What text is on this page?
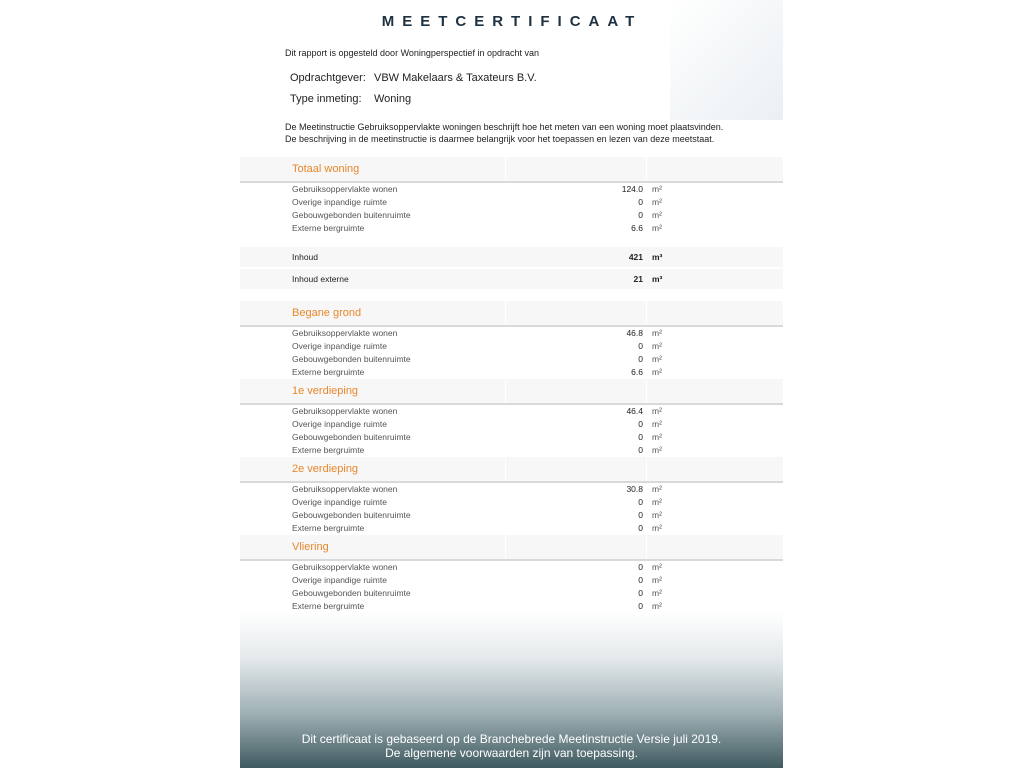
MEETCERTIFICAAT
Dit rapport is opgesteld door Woningperspectief in opdracht van
Opdrachtgever: VBW Makelaars & Taxateurs B.V.
Type inmeting: Woning
De Meetinstructie Gebruiksoppervlakte woningen beschrijft hoe het meten van een woning moet plaatsvinden.
De beschrijving in de meetinstructie is daarmee belangrijk voor het toepassen en lezen van deze meetstaat.
Totaal woning
Gebruiksoppervlakte wonen	124.0 m²
Overige inpandige ruimte	0 m²
Gebouwgebonden buitenruimte	0 m²
Externe bergruimte	6.6 m²
Inhoud	421 m³
Inhoud externe	21 m³
Begane grond
Gebruiksoppervlakte wonen	46.8 m²
Overige inpandige ruimte	0 m²
Gebouwgebonden buitenruimte	0 m²
Externe bergruimte	6.6 m²
1e verdieping
Gebruiksoppervlakte wonen	46.4 m²
Overige inpandige ruimte	0 m²
Gebouwgebonden buitenruimte	0 m²
Externe bergruimte	0 m²
2e verdieping
Gebruiksoppervlakte wonen	30.8 m²
Overige inpandige ruimte	0 m²
Gebouwgebonden buitenruimte	0 m²
Externe bergruimte	0 m²
Vliering
Gebruiksoppervlakte wonen	0 m²
Overige inpandige ruimte	0 m²
Gebouwgebonden buitenruimte	0 m²
Externe bergruimte	0 m²
Dit certificaat is gebaseerd op de Branchebrede Meetinstructie Versie juli 2019.
De algemene voorwaarden zijn van toepassing.
